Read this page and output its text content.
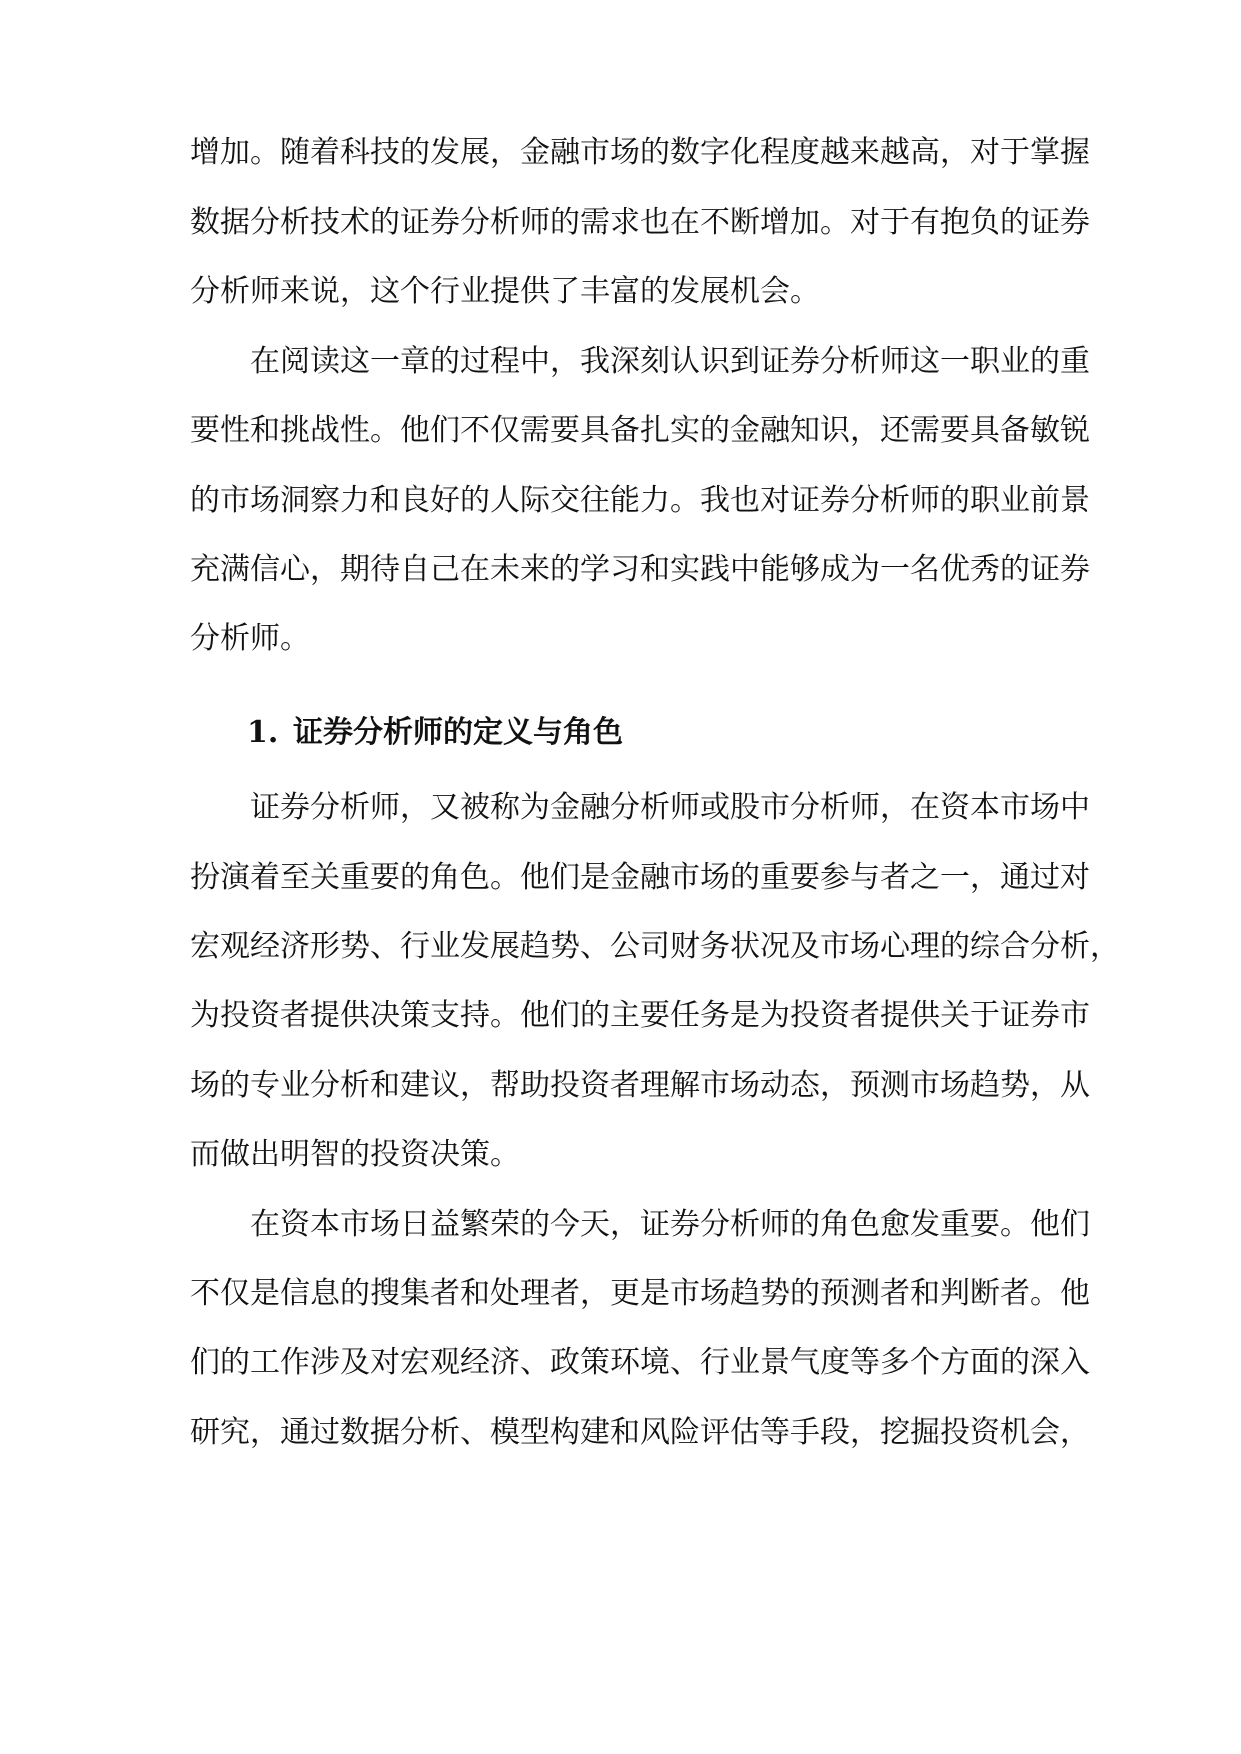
增加。随着科技的发展，金融市场的数字化程度越来越高，对于掌握
数据分析技术的证券分析师的需求也在不断增加。对于有抱负的证券
分析师来说，这个行业提供了丰富的发展机会。
在阅读这一章的过程中，我深刻认识到证券分析师这一职业的重
要性和挑战性。他们不仅需要具备扎实的金融知识，还需要具备敏锐
的市场洞察力和良好的人际交往能力。我也对证券分析师的职业前景
充满信心，期待自己在未来的学习和实践中能够成为一名优秀的证券
分析师。
1. 证券分析师的定义与角色
证券分析师，又被称为金融分析师或股市分析师，在资本市场中
扮演着至关重要的角色。他们是金融市场的重要参与者之一，通过对
宏观经济形势、行业发展趋势、公司财务状况及市场心理的综合分析，
为投资者提供决策支持。他们的主要任务是为投资者提供关于证券市
场的专业分析和建议，帮助投资者理解市场动态，预测市场趋势，从
而做出明智的投资决策。
在资本市场日益繁荣的今天，证券分析师的角色愈发重要。他们
不仅是信息的搜集者和处理者，更是市场趋势的预测者和判断者。他
们的工作涉及对宏观经济、政策环境、行业景气度等多个方面的深入
研究，通过数据分析、模型构建和风险评估等手段，挖掘投资机会，
